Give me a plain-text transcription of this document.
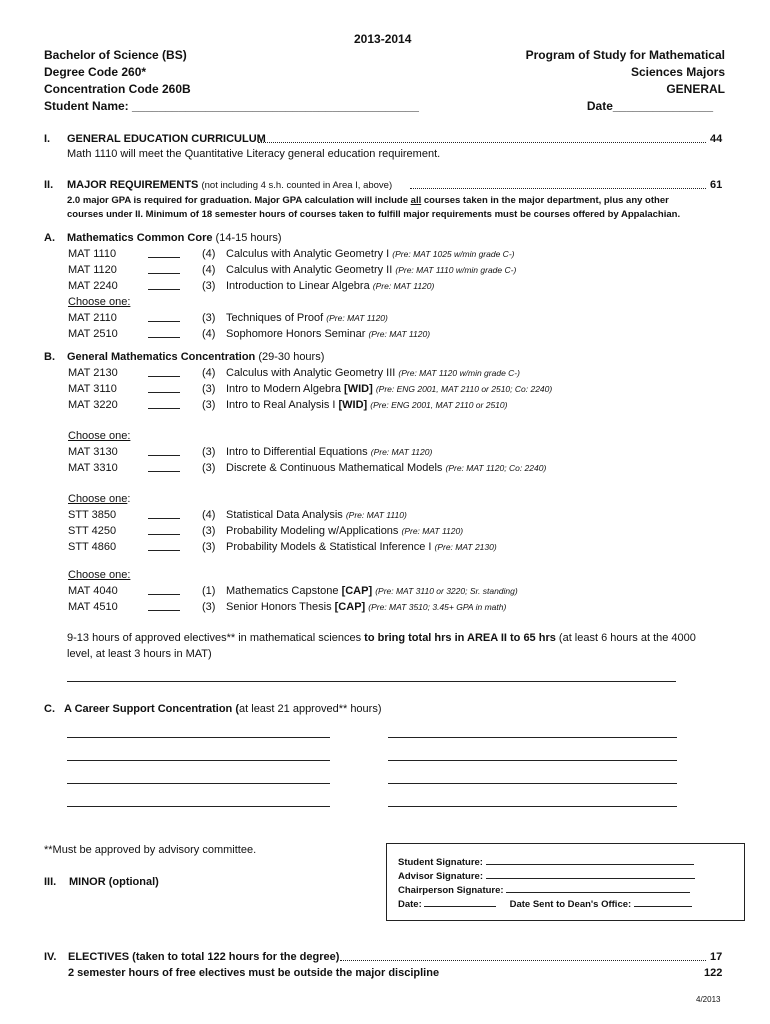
2013-2014
Bachelor of Science (BS)
Degree Code 260*
Concentration Code 260B
Student Name: ___________________________________________
Program of Study for Mathematical
Sciences Majors
GENERAL
Date_______________
I. GENERAL EDUCATION CURRICULUM	44
Math 1110 will meet the Quantitative Literacy general education requirement.
II. MAJOR REQUIREMENTS (not including 4 s.h. counted in Area I, above)	61
2.0 major GPA is required for graduation. Major GPA calculation will include all courses taken in the major department, plus any other
courses under II. Minimum of 18 semester hours of courses taken to fulfill major requirements must be courses offered by Appalachian.
A. Mathematics Common Core (14-15 hours)
MAT 1110	(4) Calculus with Analytic Geometry I (Pre: MAT 1025 w/min grade C-)
MAT 1120	(4) Calculus with Analytic Geometry II (Pre: MAT 1110 w/min grade C-)
MAT 2240	(3) Introduction to Linear Algebra (Pre: MAT 1120)
Choose one:
MAT 2110	(3) Techniques of Proof (Pre: MAT 1120)
MAT 2510	(4) Sophomore Honors Seminar (Pre: MAT 1120)
MAT 2130	(4) Calculus with Analytic Geometry III (Pre: MAT 1120 w/min grade C-)
MAT 3110	(3) Intro to Modern Algebra [WID] (Pre: ENG 2001, MAT 2110 or 2510; Co: 2240)
MAT 3220	(3) Intro to Real Analysis I [WID] (Pre: ENG 2001, MAT 2110 or 2510)
Choose one:
MAT 3130	(3) Intro to Differential Equations (Pre: MAT 1120)
MAT 3310	(3) Discrete & Continuous Mathematical Models (Pre: MAT 1120; Co: 2240)
Choose one:
STT 3850	(4) Statistical Data Analysis (Pre: MAT 1110)
STT 4250	(3) Probability Modeling w/Applications (Pre: MAT 1120)
STT 4860	(3) Probability Models & Statistical Inference I (Pre: MAT 2130)
Choose one:
MAT 4040	(1) Mathematics Capstone [CAP] (Pre: MAT 3110 or 3220; Sr. standing)
MAT 4510	(3) Senior Honors Thesis [CAP] (Pre: MAT 3510; 3.45+ GPA in math)
B. General Mathematics Concentration (29-30 hours)
9-13 hours of approved electives** in mathematical sciences to bring total hrs in AREA II to 65 hrs (at least 6 hours at the 4000
level, at least 3 hours in MAT)
C. A Career Support Concentration (at least 21 approved** hours)
**Must be approved by advisory committee.
III. MINOR (optional)
Student Signature:
Advisor Signature:
Chairperson Signature:
Date:	Date Sent to Dean's Office:
IV. ELECTIVES (taken to total 122 hours for the degree)	17
2 semester hours of free electives must be outside the major discipline	122
4/2013
